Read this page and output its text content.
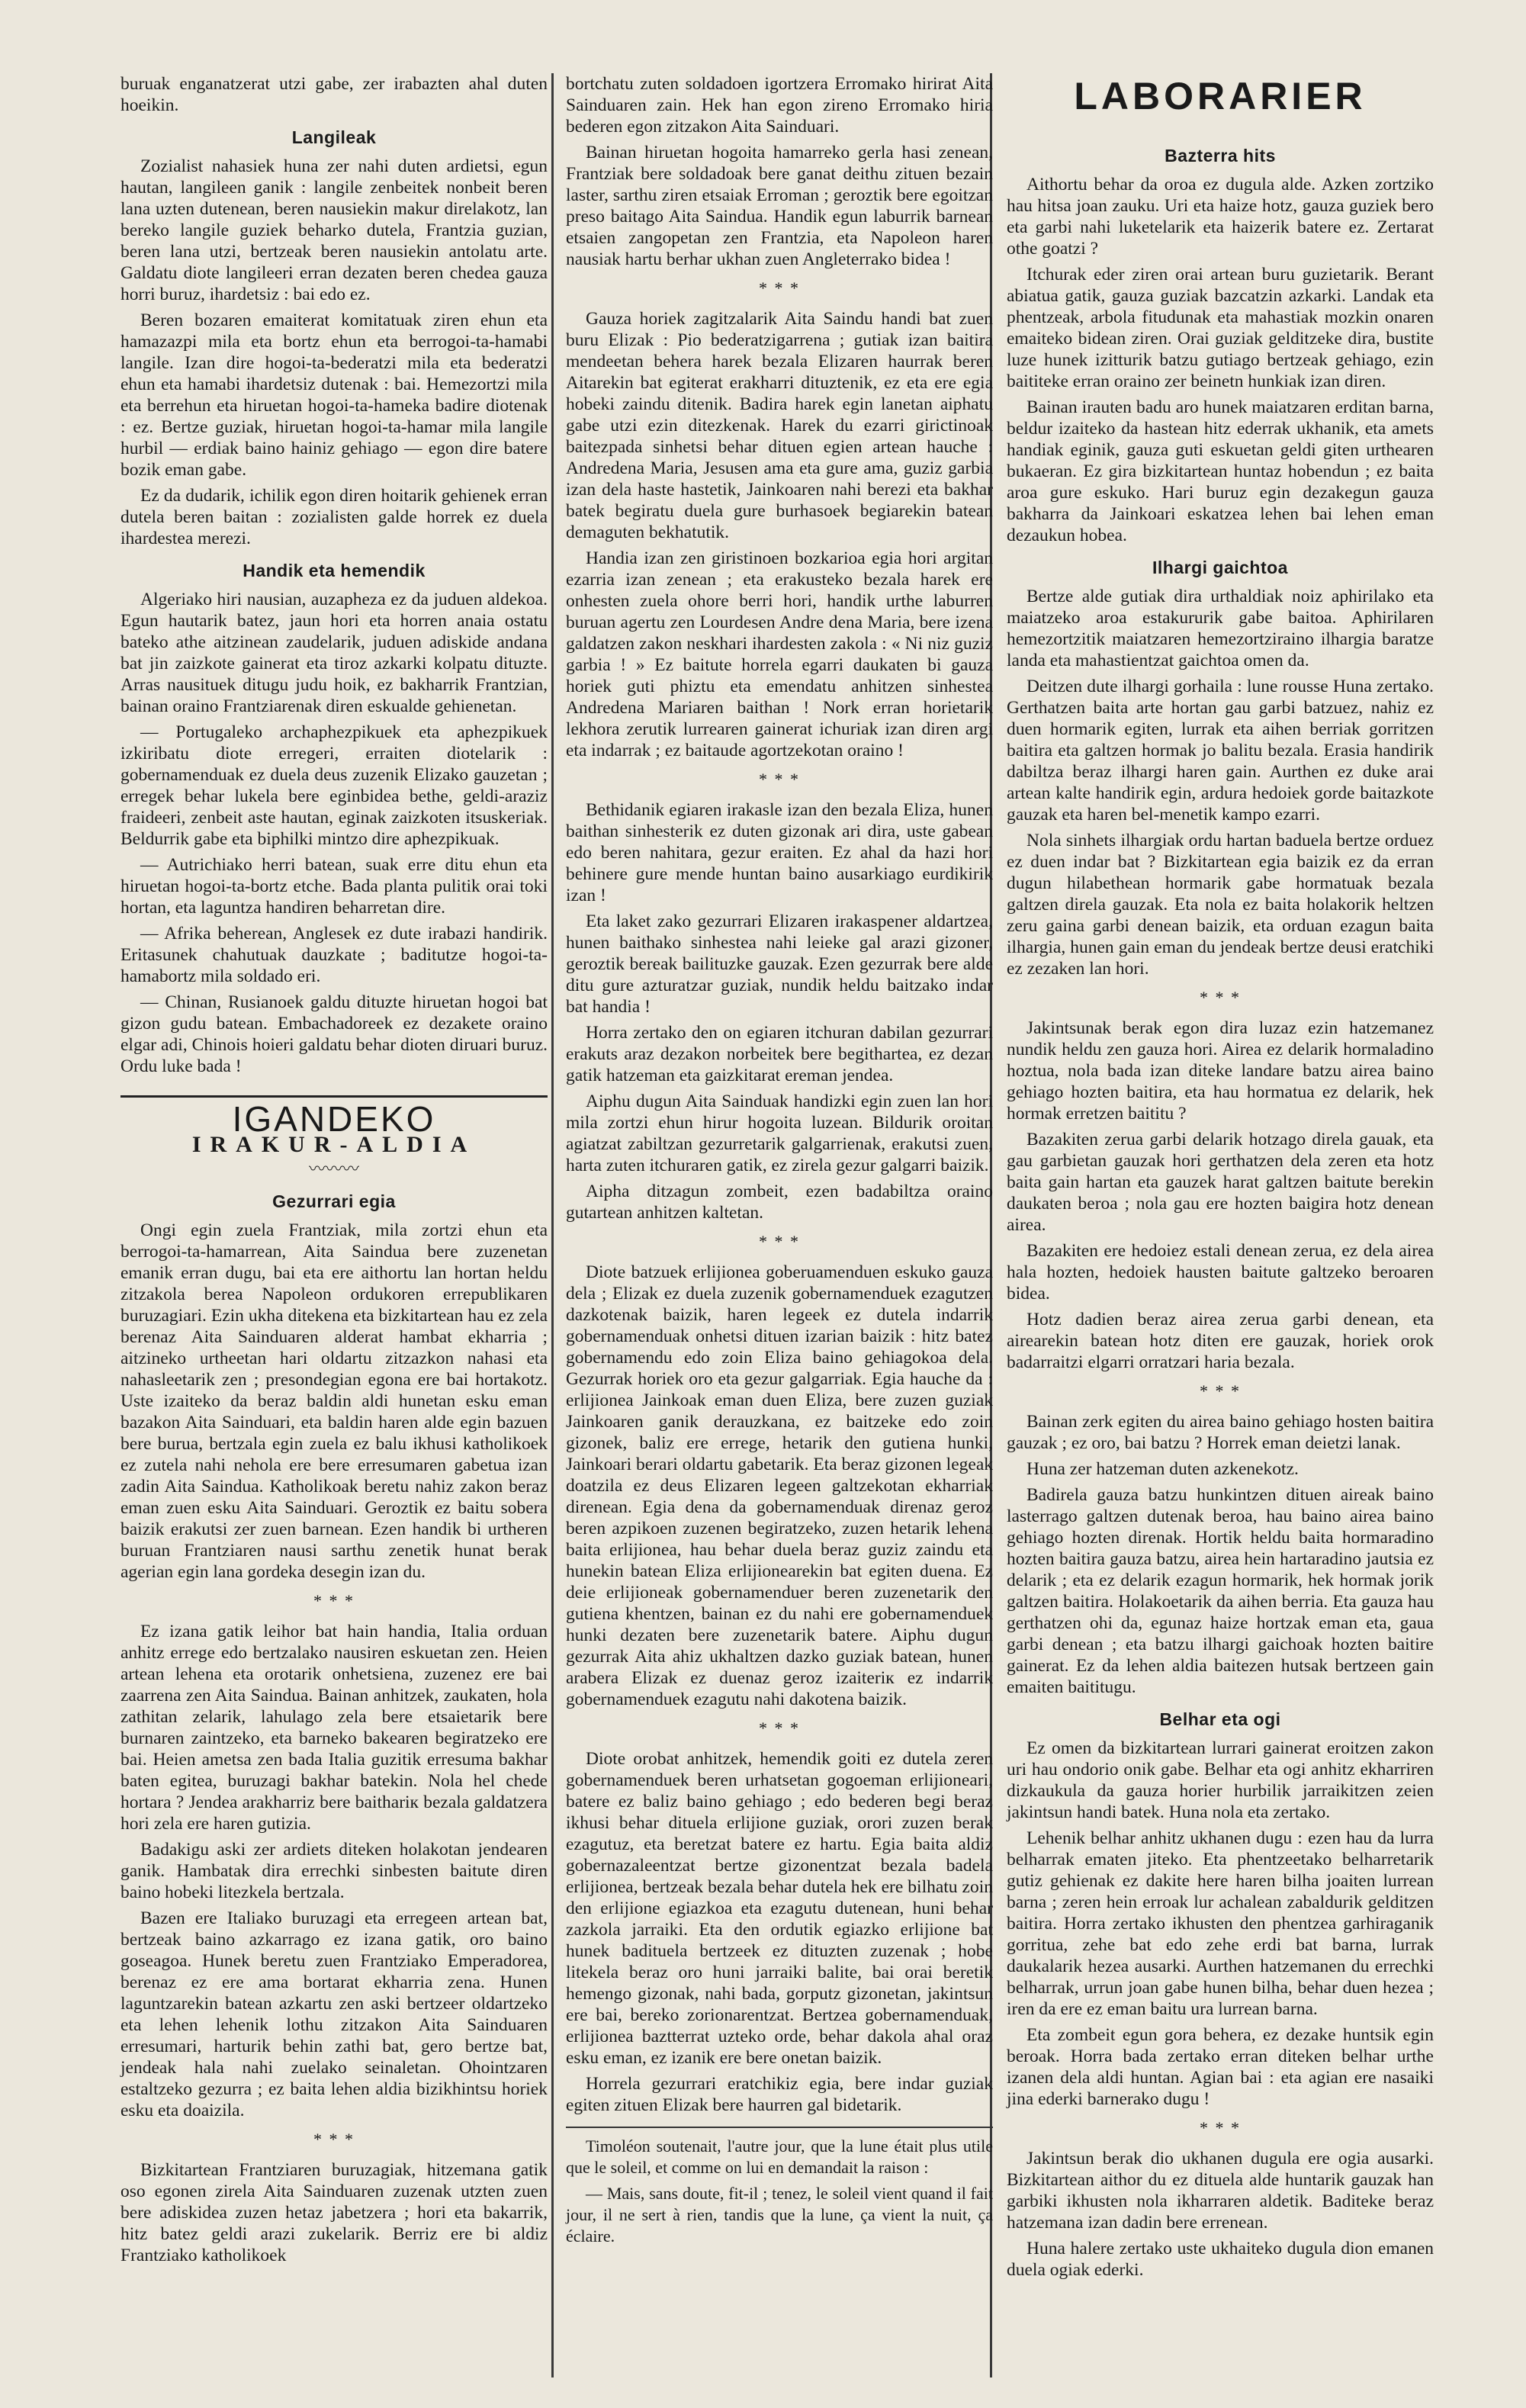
buruak enganatzerat utzi gabe, zer irabazten ahal duten hoeikin.

Langileak

Zozialist nahasiek huna zer nahi duten ardietsi, egun hautan, langileen ganik : langile zenbeitek nonbeit beren lana uzten dutenean, beren nausiekin makur direlakotz, lan bereko langile guziek beharko dutela, Frantzia guzian, beren lana utzi, bertzeak beren nausiekin antolatu arte. Galdatu diote langileeri erran dezaten beren chedea gauza horri buruz, ihardetsiz : bai edo ez.

Beren bozaren emaiterat komitatuak ziren ehun eta hamazazpi mila eta bortz ehun eta berrogoi-ta-hamabi langile. Izan dire hogoi-ta-bederatzi mila eta bederatzi ehun eta hamabi ihardetsiz dutenak : bai. Hemezortzi mila eta berrehun eta hiruetan hogoi-ta-hameka badire diotenak : ez. Bertze guziak, hiruetan hogoi-ta-hamar mila langile hurbil — erdiak baino hainiz gehiago — egon dire batere bozik eman gabe.

Ez da dudarik, ichilik egon diren hoitarik gehienek erran dutela beren baitan : zozialisten galde horrek ez duela ihardestea merezi.

Handik eta hemendik

Algeriako hiri nausian, auzapheza ez da juduen aldekoa. Egun hautarik batez, jaun hori eta horren anaia ostatu bateko athe aitzinean zaudelarik, juduen adiskide andana bat jin zaizkote gainerat eta tiroz azkarki kolpatu dituzte. Arras nausituek ditugu judu hoik, ez bakharrik Frantzian, bainan oraino Frantziarenak diren eskualde gehienetan.

— Portugaleko archaphezpikuek eta aphezpikuek izkiribatu diote erregeri, erraiten diotelarik : gobernamenduak ez duela deus zuzenik Elizako gauzetan ; erregek behar lukela bere eginbidea bethe, geldi-araziz fraideeri, zenbeit aste hautan, eginak zaizkoten itsuskeriak. Beldurrik gabe eta biphilki mintzo dire aphezpikuak.

— Autrichiako herri batean, suak erre ditu ehun eta hiruetan hogoi-ta-bortz etche. Bada planta pulitik orai toki hortan, eta laguntza handiren beharretan dire.

— Afrika beherean, Anglesek ez dute irabazi handirik. Eritasunek chahutuak dauzkate ; baditutze hogoi-ta-hamabortz mila soldado eri.

— Chinan, Rusianoek galdu dituzte hiruetan hogoi bat gizon gudu batean. Embachadoreek ez dezakete oraino elgar adi, Chinois hoieri galdatu behar dioten diruari buruz. Ordu luke bada !

IGANDEKO
IRAKUR-ALDIA
〰〰〰
Gezurrari egia

Ongi egin zuela Frantziak, mila zortzi ehun eta berrogoi-ta-hamarrean, Aita Sainduа bere zuzenetan emanik erran dugu, bai eta ere aithortu lan hortan heldu zitzakola berea Napoleon ordukoren errepublikaren buruzagiari. Ezin ukha ditekena eta bizkitartean hau ez zela berenaz Aita Sainduaren alderat hambat ekharria ; aitzineko urtheetan hari oldartu zitzazkon nahasi eta nahasleetarik zen ; presondegian egona ere bai hortakotz. Uste izaiteko da beraz baldin aldi hunetan esku eman bazakon Aita Sainduari, eta baldin haren alde egin bazuen bere burua, bertzala egin zuela ez balu ikhusi katholikoek ez zutela nahi nehola ere bere erresumaren gabetua izan zadin Aita Saindua. Katholikoak beretu nahiz zakon beraz eman zuen esku Aita Sainduari. Geroztik ez baitu sobera baizik erakutsi zer zuen barnean. Ezen handik bi urtheren buruan Frantziaren nausi sarthu zenetik hunat berak agerian egin lana gordeka desegin izan du.

* * *

Ez izana gatik leihor bat hain handia, Italia orduan anhitz errege edo bertzalako nausiren eskuetan zen. Heien artean lehena eta orotarik onhetsiena, zuzenez ere bai zaarrena zen Aita Saindua. Bainan anhitzek, zaukaten, hola zathitan zelarik, lahulago zela bere etsaietarik bere burnaren zaintzeko, eta barneko bakearen begiratzeko ere bai. Heien ametsa zen bada Italia guzitik erresuma bakhar baten egitea, buruzagi bakhar batekin. Nola hel chede hortara ? Jendea arakharriz bere baithariк bezala galdatzera hori zela ere haren gutizia.

Badakigu aski zer ardiets diteken holakotan jendearen ganik. Hambatak dira errechki sinbesten baitute diren baino hobeki litezkela bertzala.

Bazen ere Italiako buruzagi eta erregeen artean bat, bertzeak baino azkarrago ez izana gatik, oro baino goseagoa. Hunek beretu zuen Frantziako Emperadorea, berenaz ez ere ama bortarat ekharria zena. Hunen laguntzarekin batean azkartu zen aski bertzeer oldartzeko eta lehen lehenik lothu zitzakon Aita Sainduaren erresumari, harturik behin zathi bat, gero bertze bat, jendeak hala nahi zuelako seinaletan. Ohointzaren estaltzeko gezurra ; ez baita lehen aldia bizikhintsu horiek esku eta doaizila.

* * *

Bizkitartean Frantziaren buruzagiak, hitzemana gatik oso egonen zirela Aita Sainduaren zuzenak utzten zuen bere adiskidea zuzen hetaz jabetzera ; hori eta bakarrik, hitz batez geldi arazi zukelarik. Berriz ere bi aldiz Frantziako katholikoek

bortchatu zuten soldadoen igortzera Erromako hirirat Aita Sainduaren zain. Hek han egon zireno Erromako hiria bederen egon zitzakon Aita Sainduari.

Bainan hiruetan hogoita hamarreko gerla hasi zenean, Frantziak bere soldadoak bere ganat deithu zituen bezain laster, sarthu ziren etsaiak Erroman ; geroztik bere egoitzan preso baitago Aita Saindua. Handik egun laburrik barneаn etsaien zangopetan zen Frantzia, eta Napoleon haren nausiak hartu berhar ukhan zuen Angleterrako bidea !

* * *

Gauza horiek zagitzalarik Aita Saindu handi bat zuen buru Elizak : Pio bederatzigarrena ; gutiak izan baitira mendeetan behera harek bezala Elizaren haurrak beren Aitarekin bat egiterat erakharri dituztenik, ez eta ere egia hobeki zaindu ditenik. Badira harek egin lanetan aiphatu gabe utzi ezin ditezkenak. Harek du ezarri girictinoak baitezpada sinhetsi behar dituen egien artean hauche : Andredena Maria, Jesusen ama eta gure ama, guziz garbia izan dela haste hastetik, Jainkoaren nahi berezi eta bakhar batek begiratu duela gure burhasoek begiarekin batean demaguten bekhatutik.

Handia izan zen giristinoen bozkarioa egia hori argitan ezarria izan zenean ; eta erakusteko bezala harek ere onhesten zuela ohore berri hori, handik urthe laburren buruan agertu zen Lourdesen Andre dena Maria, bere izena galdatzen zakon neskhari ihardesten zakola : « Ni niz guziz garbia ! » Ez baitute horrela egarri daukaten bi gauza horiek guti phiztu eta emendatu anhitzen sinhestea Andredena Mariaren baithan ! Nork erran horietarik lekhora zerutik lurrearen gainerat ichuriak izan diren argi eta indarrak ; ez baitaude agortzekotan oraino !

* * *

Bethidanik egiaren irakasle izan den bezala Eliza, hunen baithan sinhesterik ez duten gizonak ari dira, uste gabean edo beren nahitara, gezur eraiten. Ez ahal da hazi hori behinere gure mende huntan baino ausarkiago eurdikirik izan !

Eta laket zako gezurrari Elizaren irakaspener aldartzea, hunen baithako sinhestea nahi leieke gal arazi gizoner, geroztik bereak bailituzke gauzak. Ezen gezurrak bere alde ditu gure azturatzar guziak, nundik heldu baitzako indar bat handia !

Horra zertako den on egiaren itchuran dabilan gezurrari erakuts araz dezakon norbeitek bere begithartea, ez dezan gatik hatzeman eta gaizkitarat ereman jendea.

Aiphu dugun Aita Sainduak handizki egin zuen lan hori mila zortzi ehun hirur hogoita luzean. Bildurik oroitan agiatzat zabiltzan gezurretarik galgarrienak, erakutsi zuen, harta zuten itchuraren gatik, ez zirela gezur galgarri baizik.

Aipha ditzagun zombeit, ezen badabiltza oraino gutartean anhitzen kaltetan.

* * *

Diote batzuek erlijionea goberuamenduen eskuko gauza dela ; Elizak ez duela zuzenik gobernamenduek ezagutzen dazkotenak baizik, haren legeek ez dutela indarrik gobernamenduak onhetsi dituen izarian baizik : hitz batez gobernamendu edo zoin Eliza baino gehiagokoa dela. Gezurrak horiek oro eta gezur galgarriak. Egia hauche da : erlijionea Jainkoak eman duen Eliza, bere zuzen guziak Jainkoaren ganik derauzkana, ez baitzeke edo zoin gizonek, baliz ere errege, hetarik den gutiena hunki, Jainkoari berari oldartu gabetarik. Eta beraz gizonen legeak doatzila ez deus Elizaren legeen galtzekotan ekharriak direnean. Egia dena da gobernamenduak direnaz geroz beren azpikoen zuzenen begiratzeko, zuzen hetarik lehena baita erlijionea, hau behar duela beraz guziz zaindu eta hunekin batean Eliza erlijionearekin bat egiten duena. Ez deie erlijioneak gobernamenduer beren zuzenetarik den gutiena khentzen, bainan ez du nahi ere gobernamenduek hunki dezaten bere zuzenetarik batere. Aiphu dugun gezurrak Aita ahiz ukhaltzen dazko guziak batean, hunen arabera Elizak ez duenaz gerоz izaiteriк ez indarrik gobernamenduek ezagutu nahi dakotena baizik.

* * *

Diote orobat anhitzek, hemendik goiti ez dutela zeren gobernamenduek beren urhatsetan gogoeman erlijioneari, batere ez baliz baino gehiago ; edo bederen begi beraz ikhusi behar dituela erlijione guziak, orori zuzen berak ezagutuz, eta beretzat batere ez hartu. Egia baita aldiz gobernazaleentzat bertze gizonentzat bezala badela erlijionea, bertzeak bezalа behar dutela hek ere bilhatu zoin den erlijione egiazkoa eta ezagutu dutenean, huni behar zazkola jarraiki. Eta den ordutik egiazko erlijione bat hunek badituela bertzeek ez dituzten zuzenak ; hobe litekela beraz oro huni jarraiki balite, bai orai beretik hemengo gizonak, nahi bada, gorputz gizonetan, jakintsun ere bai, bereko zorionarentzat. Bertzeа gobernamenduak, erlijionea baztterrat uzteko orde, behar dakola ahal oraz esku eman, ez izanik ere bere onetan baizik.

Horrela gezurrari eratchikiz egia, bere indar guziak egiten zituen Elizak bere haurren gal bidetarik.

Timoléon soutenait, l'autre jour, que la lune était plus utile que le soleil, et comme on lui en demandait la raison :

— Mais, sans doute, fit-il ; tenez, le soleil vient quand il fait jour, il ne sert à rien, tandis que la lune, ça vient la nuit, ça éclaire.

LABORARIER
Bazterra hits

Aithortu behar da oroa ez dugula alde. Azken zortziko hau hitsa joan zauku. Uri eta haize hotz, gauza guziek bero eta garbi nahi luketelarik eta haizerik batere ez. Zertarat othe goatzi ?

Itchurak eder ziren orai artean buru guzietarik. Berant abiatua gatik, gauza guziak bazcatzin azkarki. Landak eta phentzeak, arbola fitudunak eta mahastiak mozkin onaren emaiteko bidean ziren. Orai guziak gelditzeke dira, bustite luze hunek izitturik batzu gutiago bertzeak gehiago, ezin baititeke erran oraino zer beinetn hunkiak izan diren.

Bainan irauten badu aro hunek maiatzaren erditan barna, beldur izaiteko da hastean hitz ederrak ukhanik, eta amets handiak eginik, gauza guti eskuetan geldi giten urthearen bukaeran. Ez gira bizkitartean huntaz hobendun ; ez baita aroa gure eskuko. Hari buruz egin dezakegun gauza bakharra da Jainkoari eskatzea lehen bai lehen eman dezaukun hobea.

Ilhargi gaichtoa

Bertze alde gutiak dira urthaldiak noiz aphirilako eta maiatzeko aroa estakururik gabe baitoa. Aphirilaren hemezortzitik maiatzaren hemezortziraino ilhargia baratze landa eta mahastientzat gaichtoa omen da.

Deitzen dute ilhargi gorhaila : lune rousse Huna zertako. Gerthatzen baita arte hortan gau garbi batzuez, nahiz ez duen hormarik egiten, lurrak eta aihen berriak gorritzen baitira eta galtzen hormak jo balitu bezala. Erasia handirik dabiltza beraz ilhargi haren gain. Aurthen ez duke arai artean kalte handirik egin, ardura hedoiek gorde baitazkote gauzak eta haren bel-menetik kampo ezarri.

Nola sinhets ilhargiak ordu hartan baduela bertze orduez ez duen indar bat ? Bizkitartean egia baizik ez da erran dugun hilabethean hormarik gabe hormatuak bezala galtzen direla gauzak. Eta nola ez baita holakorik heltzen zeru gaina garbi denean baizik, eta orduan ezagun baita ilhargia, hunen gain eman du jendeak bertze deusi eratchiki ez zezaken lan hori.

* * *

Jakintsunak berak egon dira luzaz ezin hatzemanez nundik heldu zen gauza hori. Airea ez delarik hormaladino hoztua, nola bada izan ditekе landare batzu airea baino gehiago hozten baitira, eta hau hormatua ez delarik, hek hormak erretzen baititu ?

Bazakiten zerua garbi delarik hotzago direla gauak, eta gau garbietan gauzak hori gerthatzen dela zeren eta hotz baita gain hartan eta gauzek harat galtzen baitute berekin daukaten beroa ; nola gau ere hozten baigira hotz denean airea.

Bazakiten ere hedoiez estali denean zerua, ez dela airea hala hozten, hedoiek hausten baitute galtzeko beroaren bidea.

Hotz dadien beraz airea zerua garbi denean, eta airearekin batean hotz diten ere gauzak, horiek orok badarraitzi elgarri orratzari haria bezala.

* * *

Bainan zerk egiten du airea baino gehiago hosten baitira gauzak ; ez oro, bai batzu ? Horrek eman deietzi lanak.

Huna zer hatzeman duten azkenekotz.

Badirela gauza batzu hunkintzen dituen aireak baino lasterrago galtzen dutenak beroa, hau baino airea baino gehiago hozten direnak. Hortik heldu baita hormaradino hozten baitira gauza batzu, airea hein hartaradino jautsia ez delarik ; eta ez delarik ezagun hormarik, hek hormak jorik galtzen baitira. Holakoetarik da aihen berria. Eta gauza hau gerthatzen ohi da, egunaz haize hortzak eman eta, gaua garbi denean ; eta batzu ilhargi gaichoak hozten baitire gainerat. Ez da lehen aldia baitezen hutsak bertzeen gain emaiten baititugu.

Belhar eta ogi

Ez omen da bizkitartean lurrari gainerat eroitzen zakon uri hau ondorio onik gabe. Belhar eta ogi anhitz ekharriren dizkaukula da gauza horier hurbilik jarraikitzen zeien jakintsun handi batek. Huna nola eta zertako.

Lehenik belhar anhitz ukhanen dugu : ezen hau da lurra belharrak ematen jiteko. Eta phentzeetako belharretarik gutiz gehienak ez dakite here haren bilha joaiten lurrean barna ; zeren hein erroak lur achalean zabaldurik gelditzen baitira. Horra zertako ikhusten den phentzea garhiraganik gorritua, zehe bat edo zehe erdi bat barna, lurrak daukalarik hezea ausarki. Aurthen hatzemanen du errechki belharrak, urrun joan gabe hunen bilha, behar duen hezea ; iren da ere ez eman baitu ura lurrean barna.

Eta zombeit egun gora behera, ez dezake huntsik egin beroak. Horra bada zertako erran diteken belhar urthe izanen dela aldi huntan. Agian bai : eta agian ere nasaiki jina ederki barnerako dugu !

* * *

Jakintsun berak dio ukhanen dugula ere ogia ausarki. Bizkitartean aithor du ez dituela alde huntarik gauzak han garbiki ikhusten nola ikharraren aldetik. Baditeke beraz hatzemana izan dadin bere errenean.

Huna halere zertako uste ukhaiteko dugula dion emanen duela ogiak ederki.
